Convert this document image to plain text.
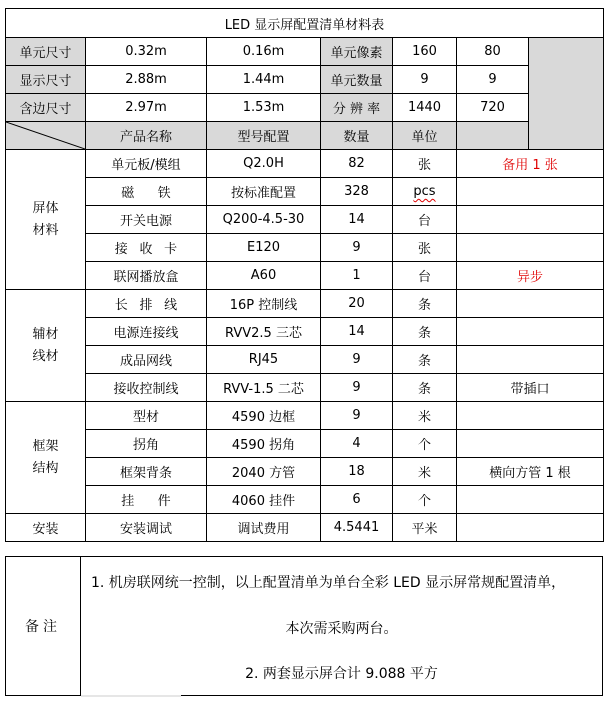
LED 显示屏配置清单材料表						
单元尺寸	0.32m	0.16m	单元像素	160	80	
显示尺寸	2.88m	1.44m	单元数量	9	9	
含边尺寸	2.97m	1.53m	分 辨 率	1440	720	

	产品名称	型号配置	数量	单位		

屏体
材料	单元板/模组	Q2.0H	82	张	备用 1 张	
	磁铁	按标准配置	328	pcs		
	开关电源	Q200-4.5-30	14	台		
	接收卡	E120	9	张		
	联网播放盒	A60	1	台	异步	

辅材
线材	长排线	16P 控制线	20	条		
	电源连接线	RVV2.5 三芯	14	条		
	成品网线	RJ45	9	条		
	接收控制线	RVV-1.5 二芯	9	条	带插口	

框架
结构	型材	4590 边框	9	米		
	拐角	4590 拐角	4	个		
	框架背条	2040 方管	18	米	横向方管 1 根	
	挂件	4060 挂件	6	个		
安装	安装调试	调试费用	4.5441	平米		
备注
1. 机房联网统一控制，以上配置清单为单台全彩 LED 显示屏常规配置清单，
本次需采购两台。
2. 两套显示屏合计 9.088 平方
